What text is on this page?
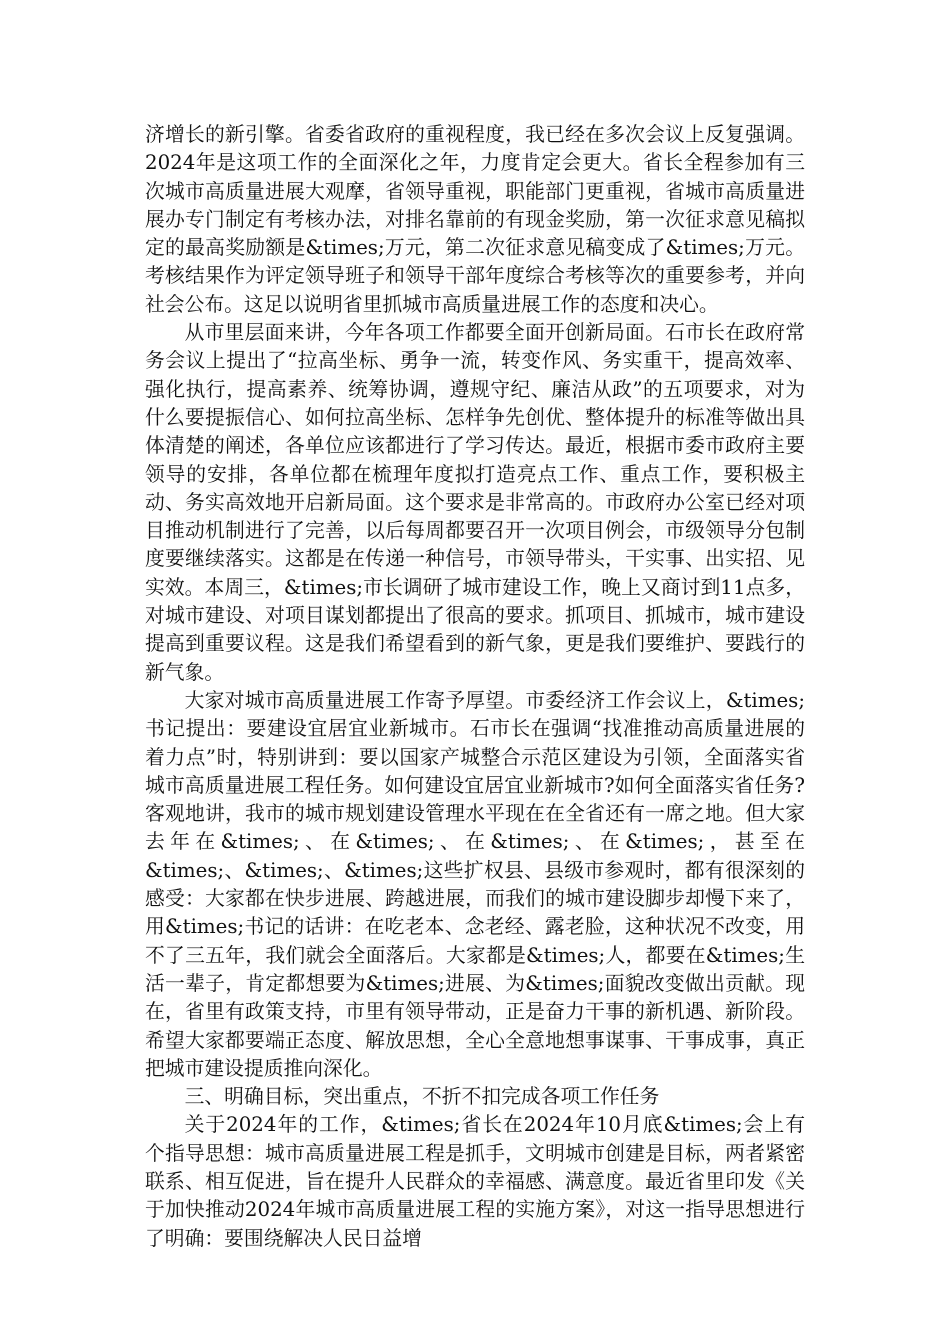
济增长的新引擎。省委省政府的重视程度，我已经在多次会议上反复强调。2024年是这项工作的全面深化之年，力度肯定会更大。省长全程参加有三次城市高质量进展大观摩，省领导重视，职能部门更重视，省城市高质量进展办专门制定有考核办法，对排名靠前的有现金奖励，第一次征求意见稿拟定的最高奖励额是&times;万元，第二次征求意见稿变成了&times;万元。考核结果作为评定领导班子和领导干部年度综合考核等次的重要参考，并向社会公布。这足以说明省里抓城市高质量进展工作的态度和决心。

从市里层面来讲，今年各项工作都要全面开创新局面。石市长在政府常务会议上提出了“拉高坐标、勇争一流，转变作风、务实重干，提高效率、强化执行，提高素养、统筹协调，遵规守纪、廉洁从政”的五项要求，对为什么要提振信心、如何拉高坐标、怎样争先创优、整体提升的标准等做出具体清楚的阐述，各单位应该都进行了学习传达。最近，根据市委市政府主要领导的安排，各单位都在梳理年度拟打造亮点工作、重点工作，要积极主动、务实高效地开启新局面。这个要求是非常高的。市政府办公室已经对项目推动机制进行了完善，以后每周都要召开一次项目例会，市级领导分包制度要继续落实。这都是在传递一种信号，市领导带头，干实事、出实招、见实效。本周三，&times;市长调研了城市建设工作，晚上又商讨到11点多，对城市建设、对项目谋划都提出了很高的要求。抓项目、抓城市，城市建设提高到重要议程。这是我们希望看到的新气象，更是我们要维护、要践行的新气象。

大家对城市高质量进展工作寄予厚望。市委经济工作会议上，&times;书记提出：要建设宜居宜业新城市。石市长在强调“找准推动高质量进展的着力点”时，特别讲到：要以国家产城整合示范区建设为引领，全面落实省城市高质量进展工程任务。如何建设宜居宜业新城市?如何全面落实省任务?客观地讲，我市的城市规划建设管理水平现在在全省还有一席之地。但大家去年在&times;、在&times;、在&times;、在&times;，甚至在&times;、&times;、&times;这些扩权县、县级市参观时，都有很深刻的感受：大家都在快步进展、跨越进展，而我们的城市建设脚步却慢下来了，用&times;书记的话讲：在吃老本、念老经、露老脸，这种状况不改变，用不了三五年，我们就会全面落后。大家都是&times;人，都要在&times;生活一辈子，肯定都想要为&times;进展、为&times;面貌改变做出贡献。现在，省里有政策支持，市里有领导带动，正是奋力干事的新机遇、新阶段。希望大家都要端正态度、解放思想，全心全意地想事谋事、干事成事，真正把城市建设提质推向深化。

三、明确目标，突出重点，不折不扣完成各项工作任务

关于2024年的工作，&times;省长在2024年10月底&times;会上有个指导思想：城市高质量进展工程是抓手，文明城市创建是目标，两者紧密联系、相互促进，旨在提升人民群众的幸福感、满意度。最近省里印发《关于加快推动2024年城市高质量进展工程的实施方案》，对这一指导思想进行了明确：要围绕解决人民日益增
